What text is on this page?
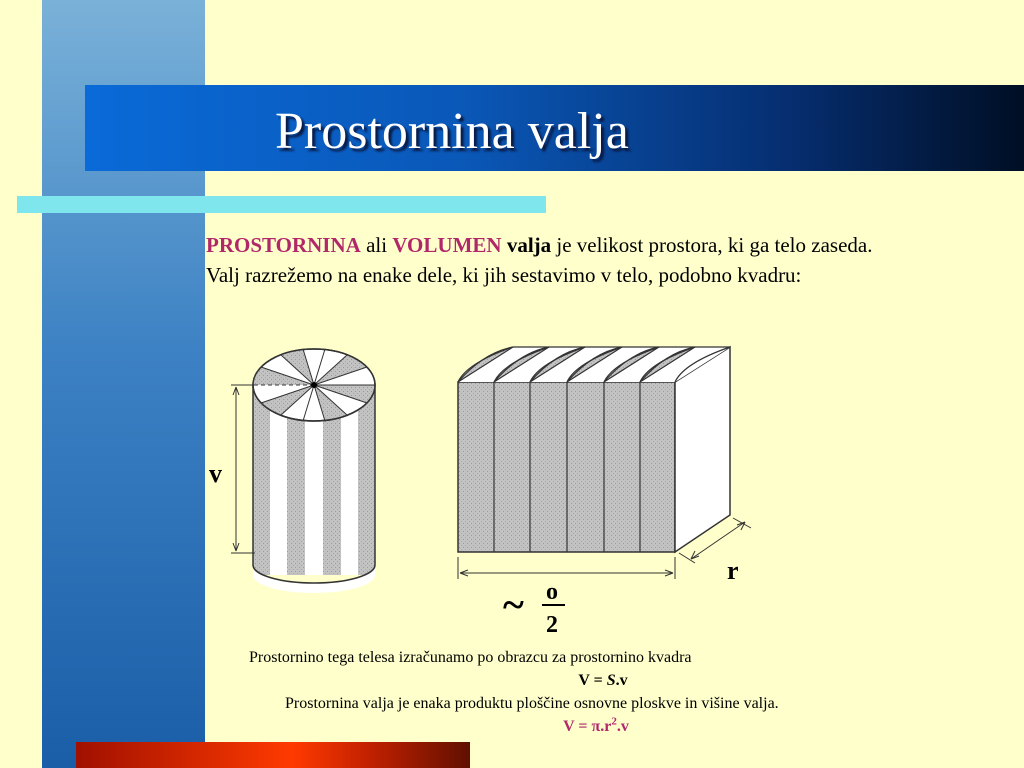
Prostornina valja

PROSTORNINA ali VOLUMEN valja je velikost prostora, ki ga telo zaseda.

Valj razrežemo na enake dele, ki jih sestavimo v telo, podobno kvadru:

v
r
~ o
2

Prostornino tega telesa izračunamo po obrazcu za prostornino kvadra

V = S.v

Prostornina valja je enaka produktu ploščine osnovne ploskve in višine valja.

$V = \pi.r^2.v$
